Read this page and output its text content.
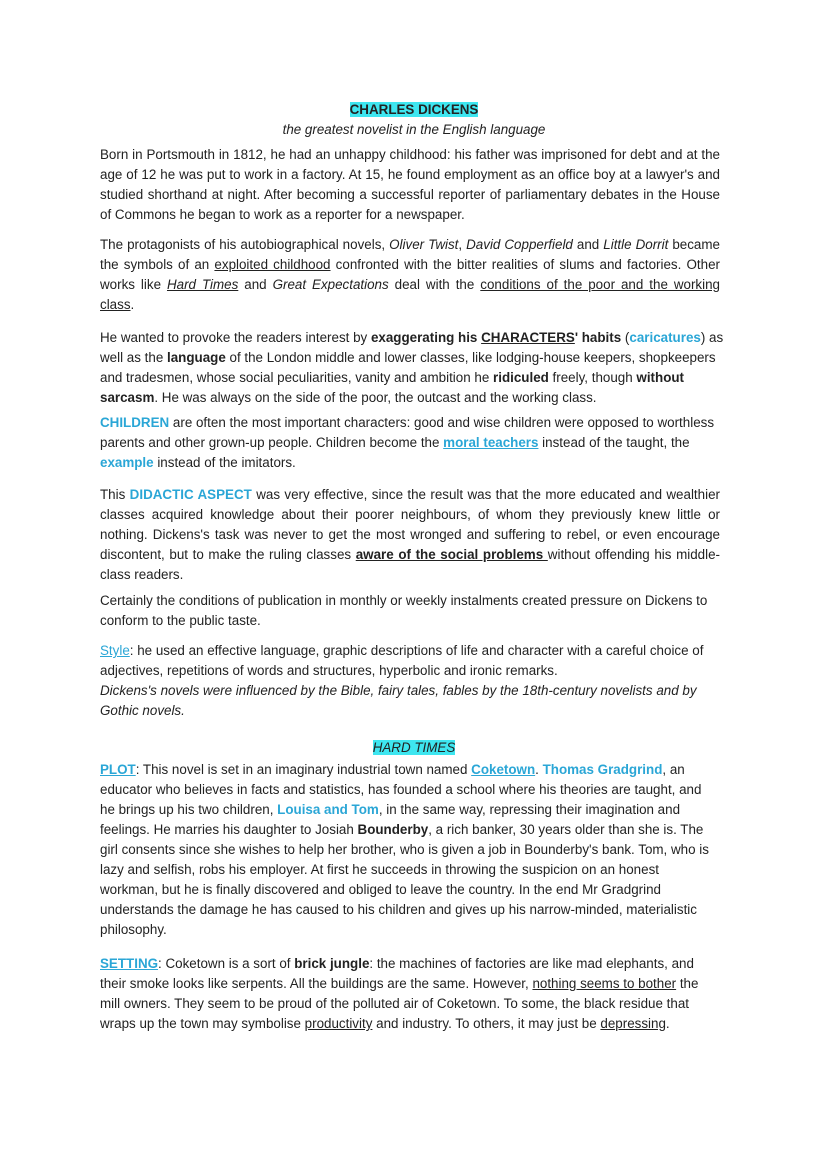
CHARLES DICKENS
the greatest novelist in the English language

Born in Portsmouth in 1812, he had an unhappy childhood: his father was imprisoned for debt and at the age of 12 he was put to work in a factory. At 15, he found employment as an office boy at a lawyer's and studied shorthand at night. After becoming a successful reporter of parliamentary debates in the House of Commons he began to work as a reporter for a newspaper.

The protagonists of his autobiographical novels, Oliver Twist, David Copperfield and Little Dorrit became the symbols of an exploited childhood confronted with the bitter realities of slums and factories. Other works like Hard Times and Great Expectations deal with the conditions of the poor and the working class.

He wanted to provoke the readers interest by exaggerating his CHARACTERS' habits (caricatures) as well as the language of the London middle and lower classes, like lodging-house keepers, shopkeepers and tradesmen, whose social peculiarities, vanity and ambition he ridiculed freely, though without sarcasm. He was always on the side of the poor, the outcast and the working class.

CHILDREN are often the most important characters: good and wise children were opposed to worthless parents and other grown-up people. Children become the moral teachers instead of the taught, the example instead of the imitators.

This DIDACTIC ASPECT was very effective, since the result was that the more educated and wealthier classes acquired knowledge about their poorer neighbours, of whom they previously knew little or nothing. Dickens's task was never to get the most wronged and suffering to rebel, or even encourage discontent, but to make the ruling classes aware of the social problems without offending his middle-class readers.

Certainly the conditions of publication in monthly or weekly instalments created pressure on Dickens to conform to the public taste.

Style: he used an effective language, graphic descriptions of life and character with a careful choice of adjectives, repetitions of words and structures, hyperbolic and ironic remarks.
Dickens's novels were influenced by the Bible, fairy tales, fables by the 18th-century novelists and by Gothic novels.

HARD TIMES

PLOT: This novel is set in an imaginary industrial town named Coketown. Thomas Gradgrind, an educator who believes in facts and statistics, has founded a school where his theories are taught, and he brings up his two children, Louisa and Tom, in the same way, repressing their imagination and feelings. He marries his daughter to Josiah Bounderby, a rich banker, 30 years older than she is. The girl consents since she wishes to help her brother, who is given a job in Bounderby's bank. Tom, who is lazy and selfish, robs his employer. At first he succeeds in throwing the suspicion on an honest workman, but he is finally discovered and obliged to leave the country. In the end Mr Gradgrind understands the damage he has caused to his children and gives up his narrow-minded, materialistic philosophy.

SETTING: Coketown is a sort of brick jungle: the machines of factories are like mad elephants, and their smoke looks like serpents. All the buildings are the same. However, nothing seems to bother the mill owners. They seem to be proud of the polluted air of Coketown. To some, the black residue that wraps up the town may symbolise productivity and industry. To others, it may just be depressing.
